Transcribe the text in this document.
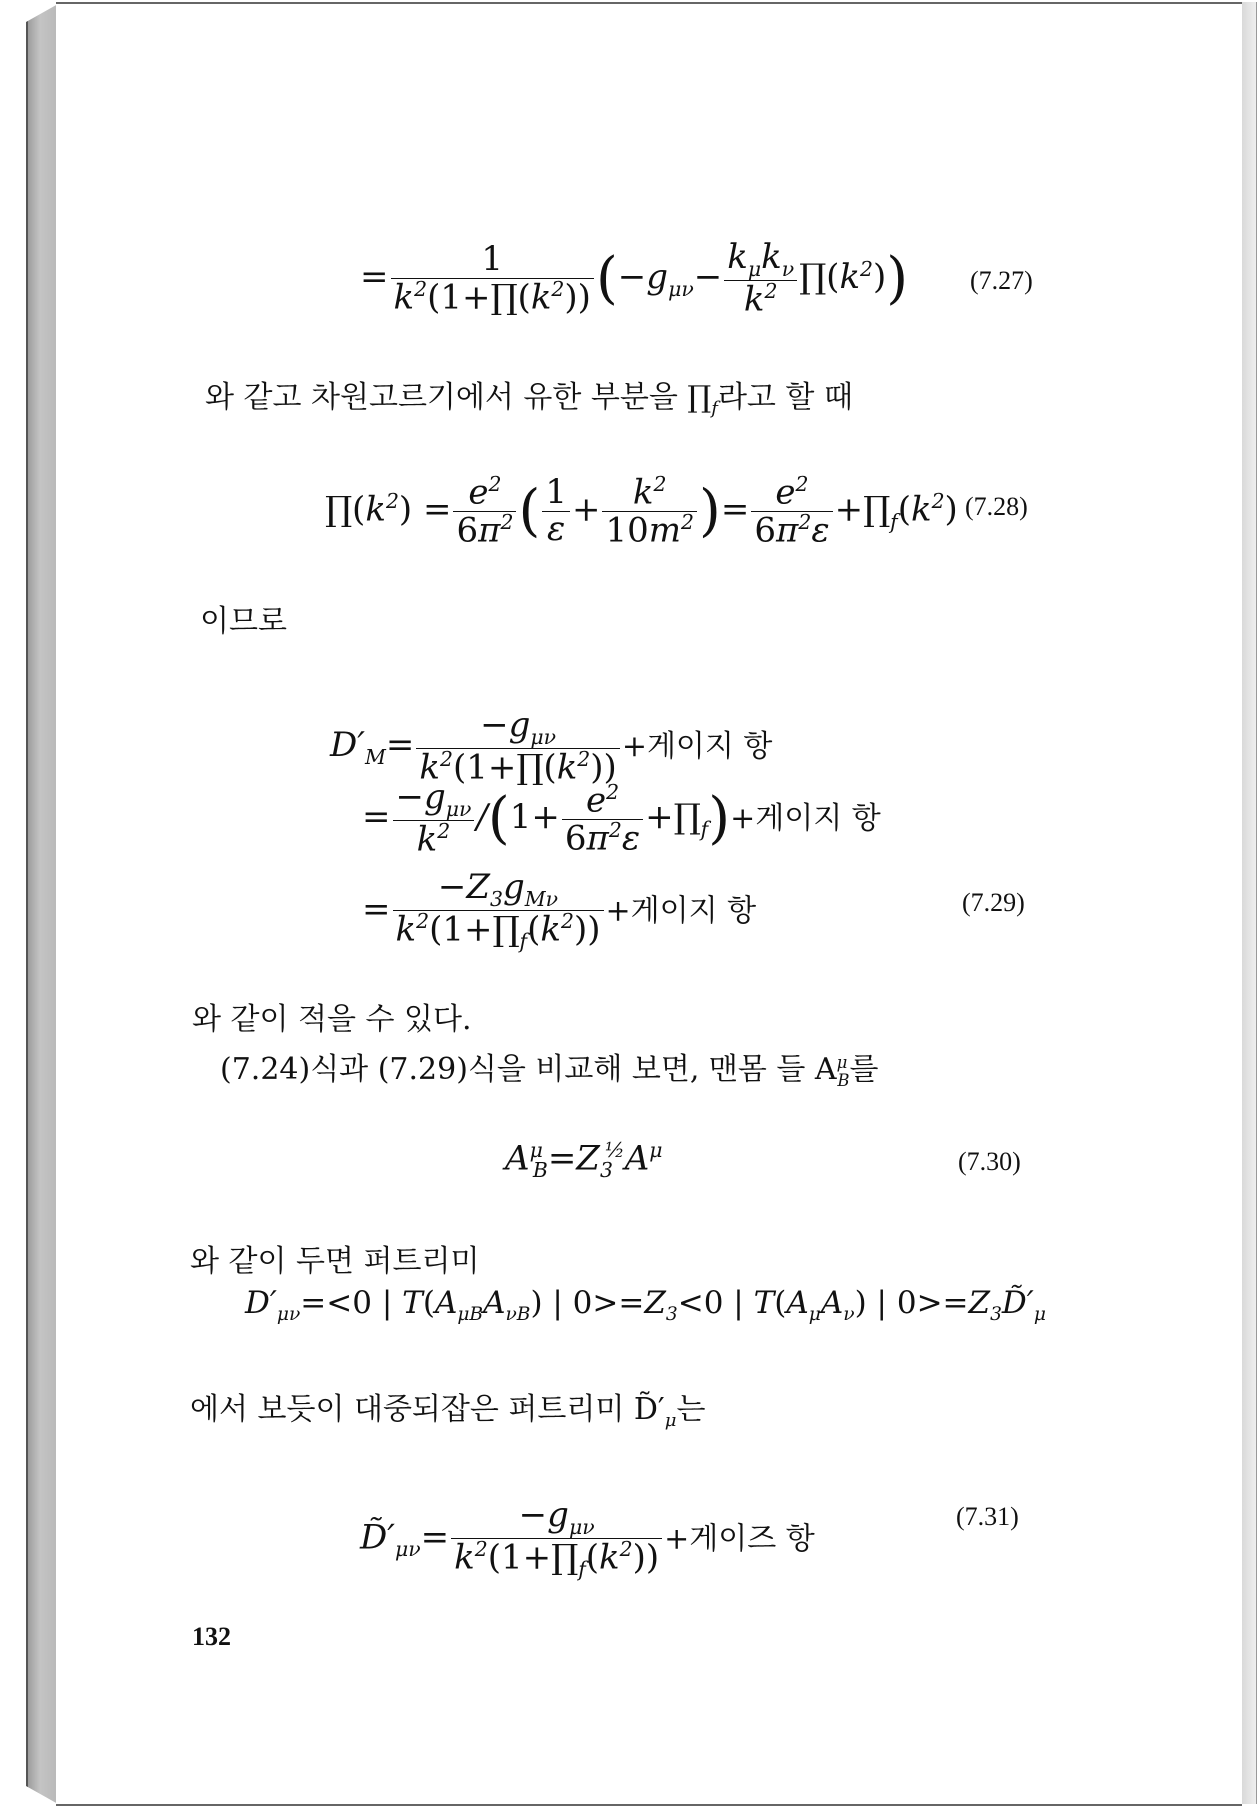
= $\frac{1}{k^2(1+\prod(k^2))} (-g_{\mu\nu}- \frac{k_\mu k_\nu}{k^2}$ $\prod(k^2)$) (7.27)
와 같고 차원고르기에서 유한 부분을 $\prod_f$라고 할 때
$\prod(k^2) = \frac{e^2}{6\pi^2}$ ( $\frac{1}{\varepsilon} + \frac{k^2}{10m^2}$ )= $\frac{e^2}{6\pi^2\varepsilon}$ $+\prod_f(k^2)$ (7.28)
이므로
$D'_M= \frac{-g_{\mu\nu}}{k^2(1+\prod(k^2))}$ +게이지 항
= $\frac{-g_{\mu\nu}}{k^2} /(1+ \frac{e^2}{6\pi^2\varepsilon}$ $+\prod_f)+$게이지 항
= $\frac{-Z_3g_{M\nu}}{k^2(1+\prod_f(k^2))}$ +게이지 항	(7.29)
와 같이 적을 수 있다.
(7.24)식과 (7.29)식을 비교해 보면, 맨몸 들 $A^\mu_B$를
$A^\mu_B=Z_3^{\frac{1}{2}}A^\mu$	(7.30)
와 같이 두면 퍼트리미
$D'_{\mu\nu}=<0$ | $T(A_{\mu B}A_{\nu B})$ | $0>=Z_3<0$ | $T(A_\mu A_\nu)$ | $0>=Z_3D̃'_\mu$
에서 보듯이 대중되잡은 퍼트리미 $D̃'_\mu$는
$D̃'_{\mu\nu}= \frac{-g_{\mu\nu}}{k^2(1+\prod_f(k^2))}$ +게이즈 항
(7.31)
132
